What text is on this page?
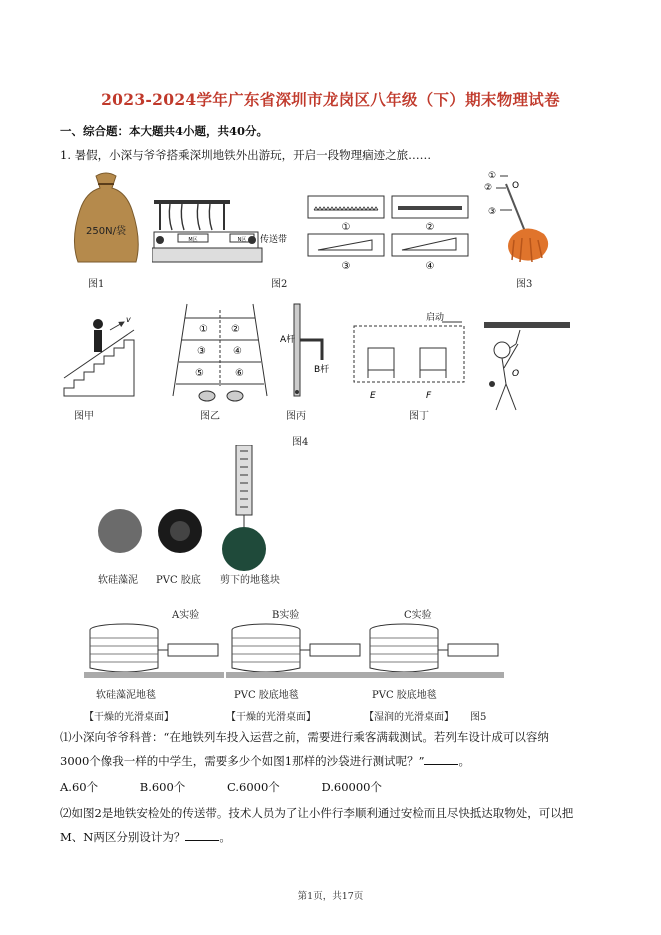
2023-2024学年广东省深圳市龙岗区八年级（下）期末物理试卷
一、综合题：本大题共4小题，共40分。
1. 暑假，小深与爷爷搭乘深圳地铁外出游玩，开启一段物理痼迹之旅……
250N/袋
图1
M区	N区 传送带
图2
①	②
③	④
①
②
③
O
图3
v
图甲
① ②
③	④
⑤	⑥
图乙
A杆
B杆
图丙
图4
启动
E	F
图丁
O
软硅藻泥 PVC 胶底 剪下的地毯块
A实验	B实验	C实验
软硅藻泥地毯	PVC 胶底地毯	PVC 胶底地毯
【干燥的光滑桌面】	【干燥的光滑桌面】	【湿润的光滑桌面】 图5
⑴小深向爷爷科普：“在地铁列车投入运营之前，需要进行乘客满载测试。若列车设计成可以容纳
3000个像我一样的中学生，需要多少个如图1那样的沙袋进行测试呢？”	。
A.60个	B.600个	C.6000个	D.60000个
⑵如图2是地铁安检处的传送带。技术人员为了让小件行李顺利通过安检而且尽快抵达取物处，可以把
M、N两区分别设计为？	。
第1页，共17页
